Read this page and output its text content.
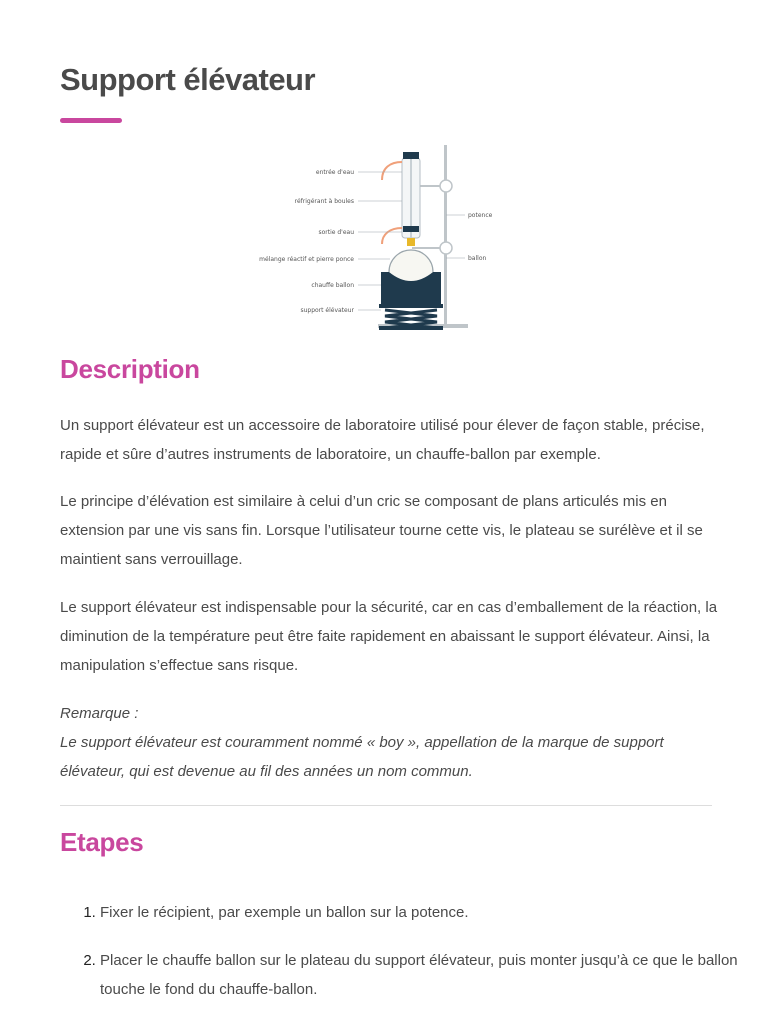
Support élévateur
entrée d'eau
réfrigérant à boules
sortie d'eau
mélange réactif et pierre ponce
chauffe ballon
support élévateur
potence
ballon
Description

Un support élévateur est un accessoire de laboratoire utilisé pour élever de façon stable, précise, rapide et sûre d’autres instruments de laboratoire, un chauffe-ballon par exemple.

Le principe d’élévation est similaire à celui d’un cric se composant de plans articulés mis en extension par une vis sans fin. Lorsque l’utilisateur tourne cette vis, le plateau se surélève et il se maintient sans verrouillage.

Le support élévateur est indispensable pour la sécurité, car en cas d’emballement de la réaction, la diminution de la température peut être faite rapidement en abaissant le support élévateur. Ainsi, la manipulation s’effectue sans risque.

Remarque :

Le support élévateur est couramment nommé « boy », appellation de la marque de support élévateur, qui est devenue au fil des années un nom commun.

Etapes
1. Fixer le récipient, par exemple un ballon sur la potence.
2. Placer le chauffe ballon sur le plateau du support élévateur, puis monter jusqu’à ce que le ballon touche le fond du chauffe-ballon.
